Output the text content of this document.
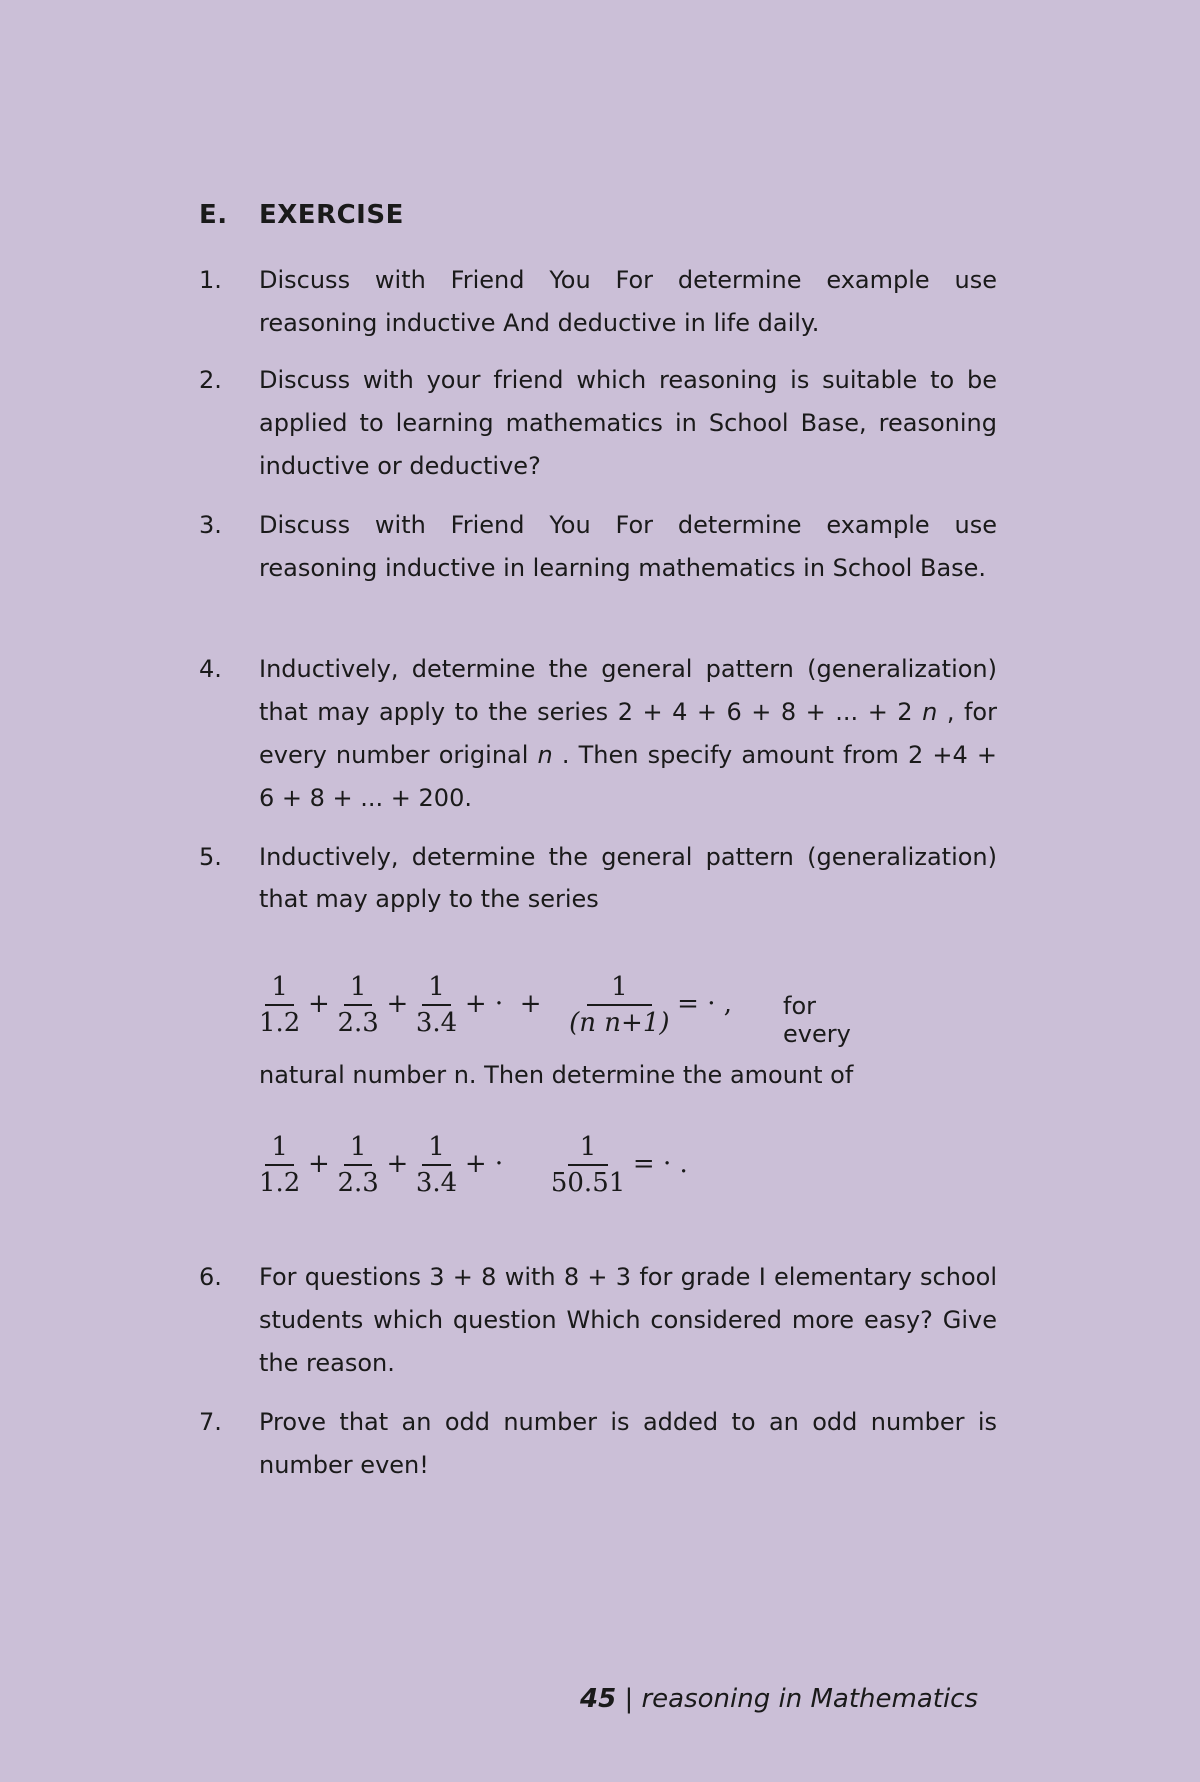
E. EXERCISE
1. Discuss with Friend You For determine example use reasoning inductive And deductive in life daily.
2. Discuss with your friend which reasoning is suitable to be applied to learning mathematics in School Base, reasoning inductive or deductive?
3. Discuss with Friend You For determine example use reasoning inductive in learning mathematics in School Base.
4. Inductively, determine the general pattern (generalization) that may apply to the series 2 + 4 + 6 + 8 + ... + 2 n , for every number original n . Then specify amount from 2 +4 + 6 + 8 + ... + 200.
5. Inductively, determine the general pattern (generalization) that may apply to the series
$\frac{1}{1.2} + \frac{1}{2.3} + \frac{1}{3.4}$ + ·  + $\frac{1}{\text{(n n+1)}}$ = · , for every
natural number n. Then determine the amount of
$\frac{1}{1.2} + \frac{1}{2.3} + \frac{1}{3.4}$ + · $\frac{1}{50.51}$ = · .
6. For questions 3 + 8 with 8 + 3 for grade I elementary school students which question Which considered more easy? Give the reason.
7. Prove that an odd number is added to an odd number is number even!
45 | reasoning in Mathematics
